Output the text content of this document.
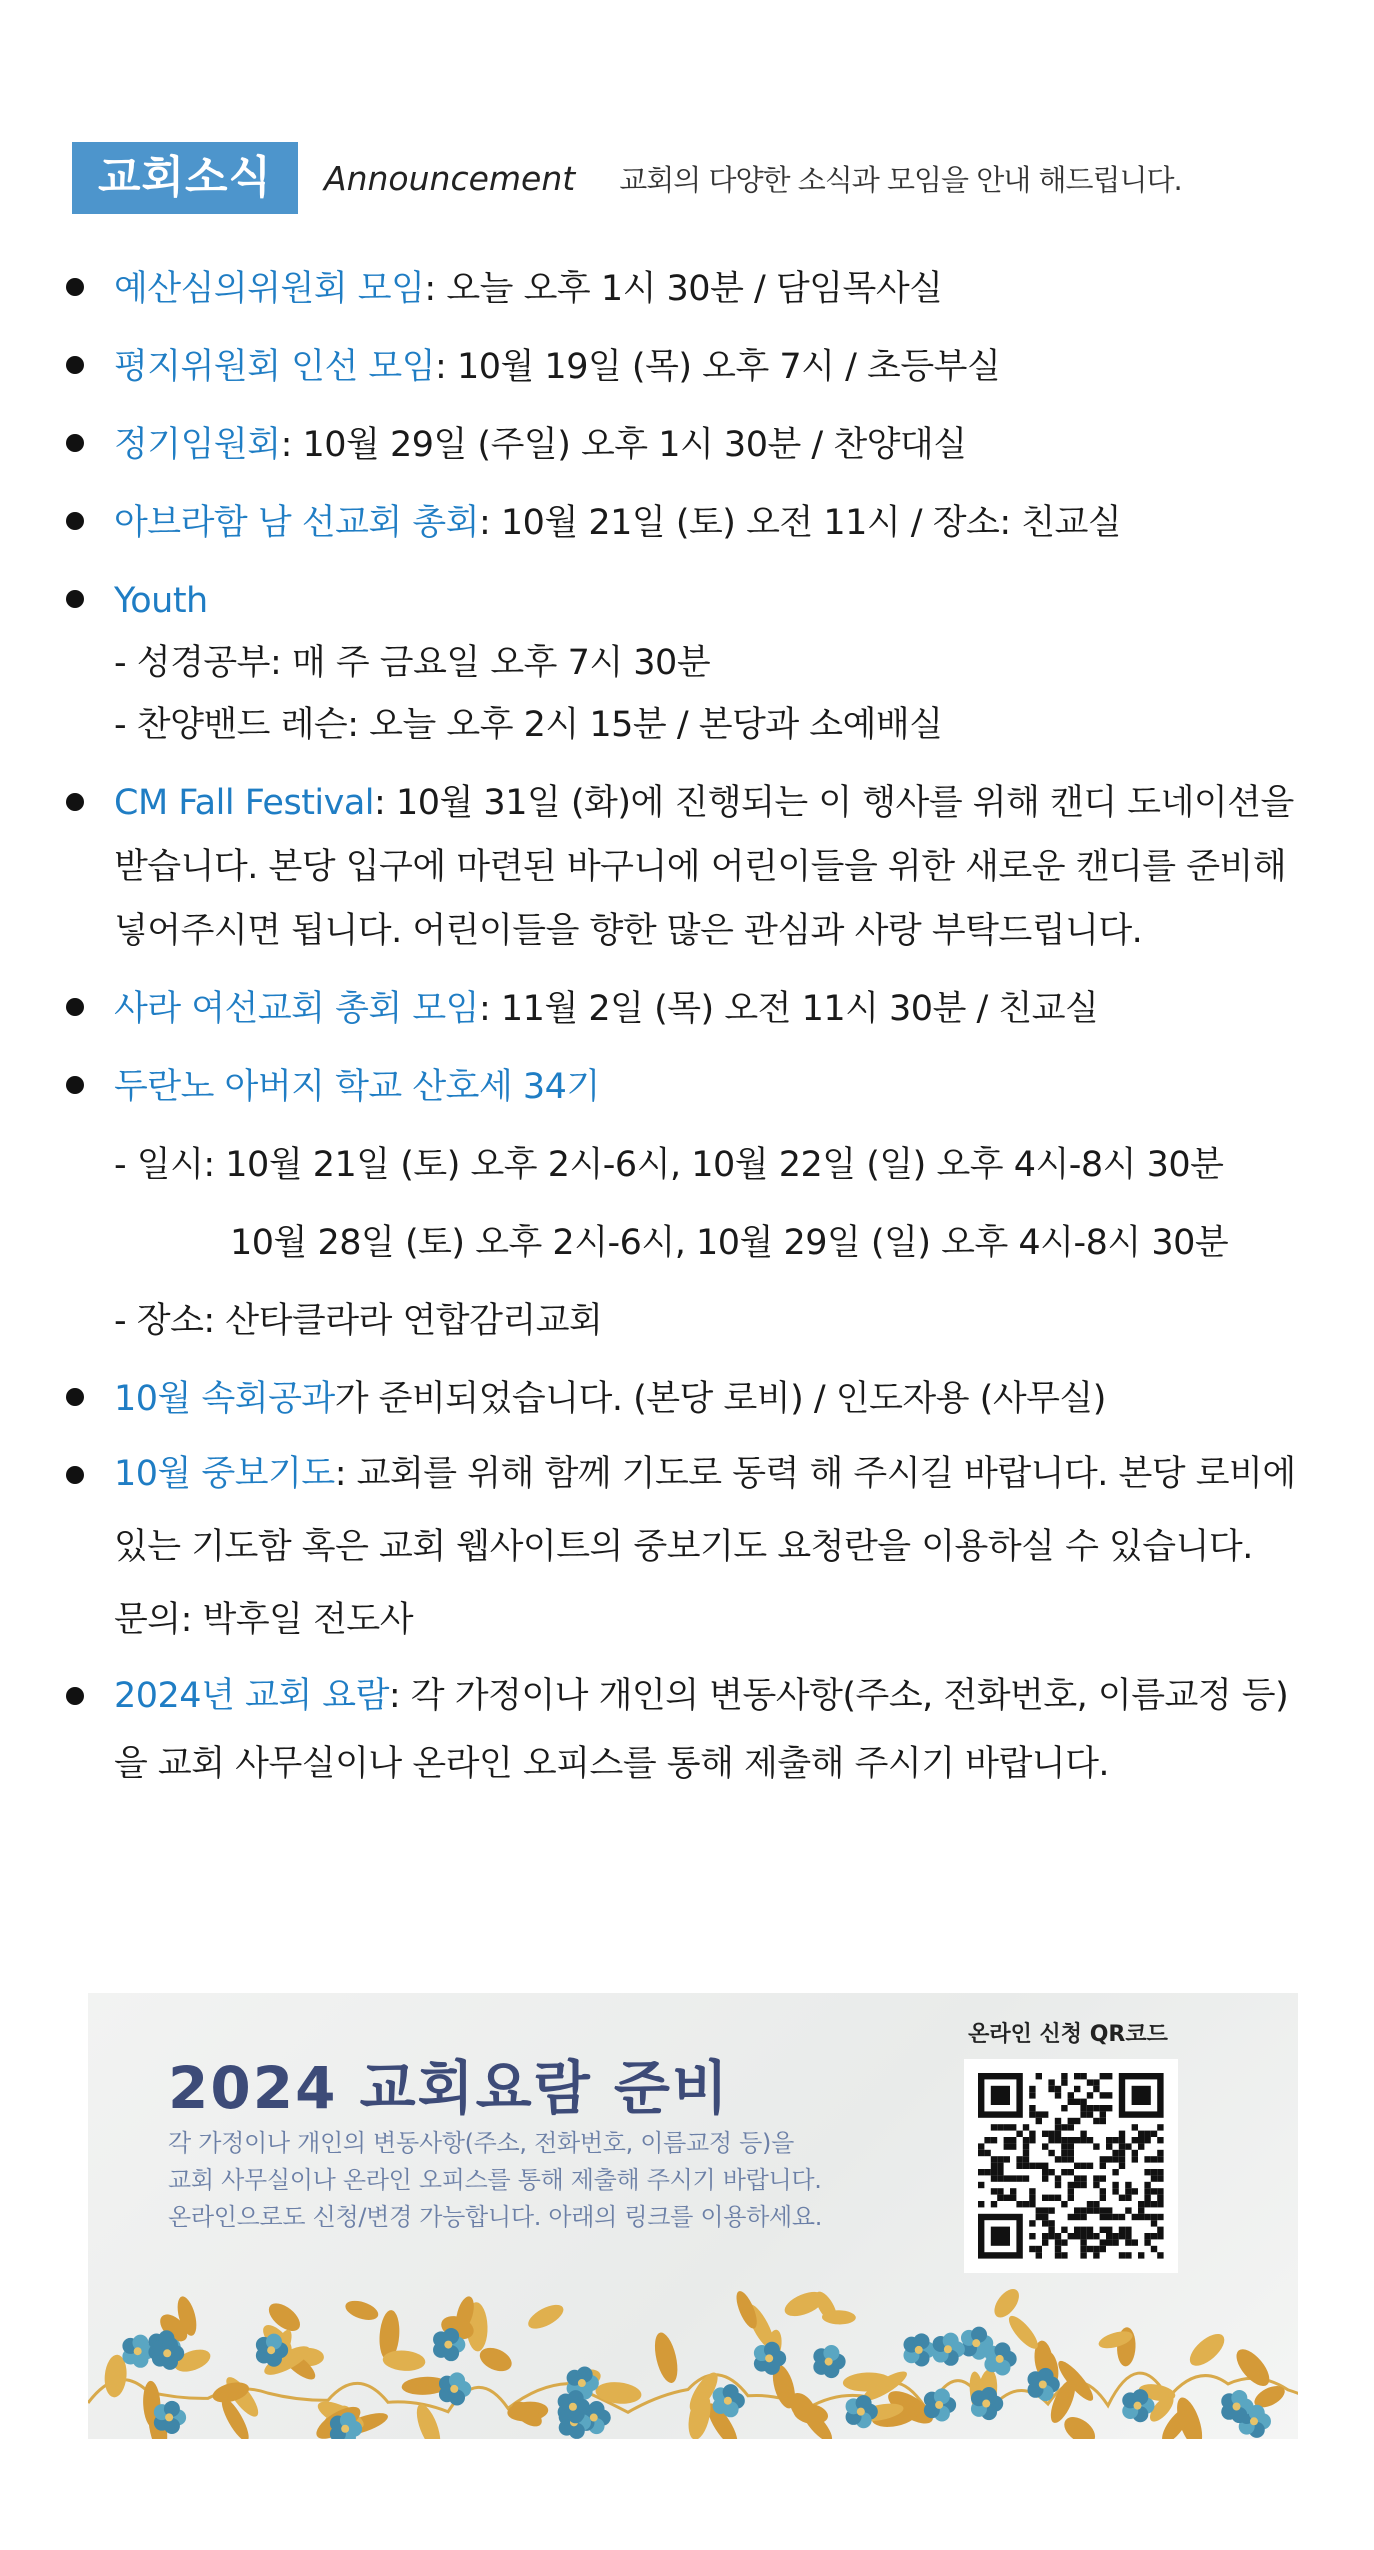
교회소식	Announcement 교회의 다양한 소식과 모임을 안내 해드립니다.
예산심의위원회 모임: 오늘 오후 1시 30분 / 담임목사실
평지위원회 인선 모임: 10월 19일 (목) 오후 7시 / 초등부실
정기임원회: 10월 29일 (주일) 오후 1시 30분 / 찬양대실
아브라함 남 선교회 총회: 10월 21일 (토) 오전 11시 / 장소: 친교실
Youth
- 성경공부: 매 주 금요일 오후 7시 30분
- 찬양밴드 레슨: 오늘 오후 2시 15분 / 본당과 소예배실
CM Fall Festival: 10월 31일 (화)에 진행되는 이 행사를 위해 캔디 도네이션을
받습니다. 본당 입구에 마련된 바구니에 어린이들을 위한 새로운 캔디를 준비해
넣어주시면 됩니다. 어린이들을 향한 많은 관심과 사랑 부탁드립니다.
사라 여선교회 총회 모임: 11월 2일 (목) 오전 11시 30분 / 친교실
두란노 아버지 학교 산호세 34기
- 일시: 10월 21일 (토) 오후 2시-6시, 10월 22일 (일) 오후 4시-8시 30분
10월 28일 (토) 오후 2시-6시, 10월 29일 (일) 오후 4시-8시 30분
- 장소: 산타클라라 연합감리교회
10월 속회공과가 준비되었습니다. (본당 로비) / 인도자용 (사무실)
10월 중보기도: 교회를 위해 함께 기도로 동력 해 주시길 바랍니다. 본당 로비에
있는 기도함 혹은 교회 웹사이트의 중보기도 요청란을 이용하실 수 있습니다.
문의: 박후일 전도사
2024년 교회 요람: 각 가정이나 개인의 변동사항(주소, 전화번호, 이름교정 등)
을 교회 사무실이나 온라인 오피스를 통해 제출해 주시기 바랍니다.
2024 교회요람 준비
각 가정이나 개인의 변동사항(주소, 전화번호, 이름교정 등)을
교회 사무실이나 온라인 오피스를 통해 제출해 주시기 바랍니다.
온라인으로도 신청/변경 가능합니다. 아래의 링크를 이용하세요.
온라인 신청 QR코드
